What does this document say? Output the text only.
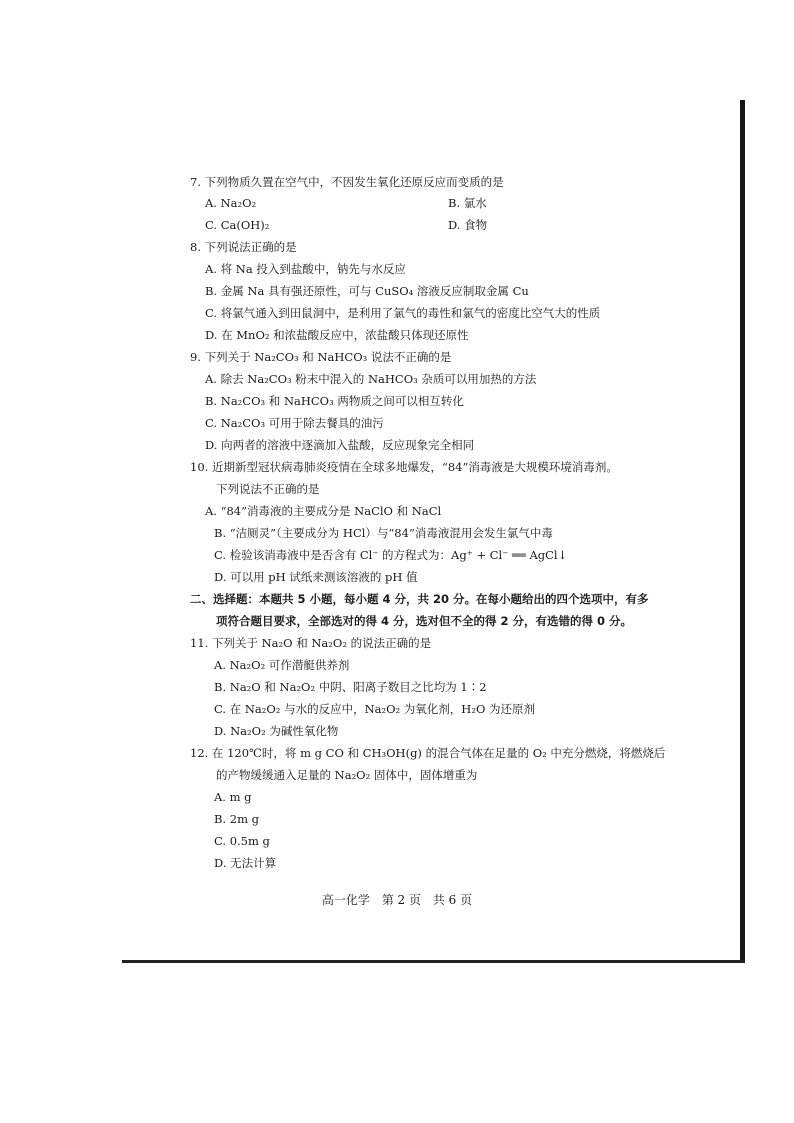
7. 下列物质久置在空气中，不因发生氧化还原反应而变质的是
A. Na₂O₂	B. 氯水
C. Ca(OH)₂	D. 食物
8. 下列说法正确的是
A. 将 Na 投入到盐酸中，钠先与水反应
B. 金属 Na 具有强还原性，可与 CuSO₄ 溶液反应制取金属 Cu
C. 将氯气通入到田鼠洞中，是利用了氯气的毒性和氯气的密度比空气大的性质
D. 在 MnO₂ 和浓盐酸反应中，浓盐酸只体现还原性
9. 下列关于 Na₂CO₃ 和 NaHCO₃ 说法不正确的是
A. 除去 Na₂CO₃ 粉末中混入的 NaHCO₃ 杂质可以用加热的方法
B. Na₂CO₃ 和 NaHCO₃ 两物质之间可以相互转化
C. Na₂CO₃ 可用于除去餐具的油污
D. 向两者的溶液中逐滴加入盐酸，反应现象完全相同
10. 近期新型冠状病毒肺炎疫情在全球多地爆发，“84”消毒液是大规模环境消毒剂。
下列说法不正确的是
A. “84”消毒液的主要成分是 NaClO 和 NaCl
B. “洁厕灵”（主要成分为 HCl）与“84”消毒液混用会发生氯气中毒
C. 检验该消毒液中是否含有 Cl⁻ 的方程式为：Ag⁺ + Cl⁻ ══ AgCl↓
D. 可以用 pH 试纸来测该溶液的 pH 值
二、选择题：本题共 5 小题，每小题 4 分，共 20 分。在每小题给出的四个选项中，有多
项符合题目要求，全部选对的得 4 分，选对但不全的得 2 分，有选错的得 0 分。
11. 下列关于 Na₂O 和 Na₂O₂ 的说法正确的是
A. Na₂O₂ 可作潜艇供养剂
B. Na₂O 和 Na₂O₂ 中阴、阳离子数目之比均为 1∶2
C. 在 Na₂O₂ 与水的反应中，Na₂O₂ 为氧化剂，H₂O 为还原剂
D. Na₂O₂ 为碱性氧化物
12. 在 120℃时，将 m g CO 和 CH₃OH(g) 的混合气体在足量的 O₂ 中充分燃烧，将燃烧后
的产物缓缓通入足量的 Na₂O₂ 固体中，固体增重为
A. m g
B. 2m g
C. 0.5m g
D. 无法计算
高一化学 第 2 页 共 6 页
